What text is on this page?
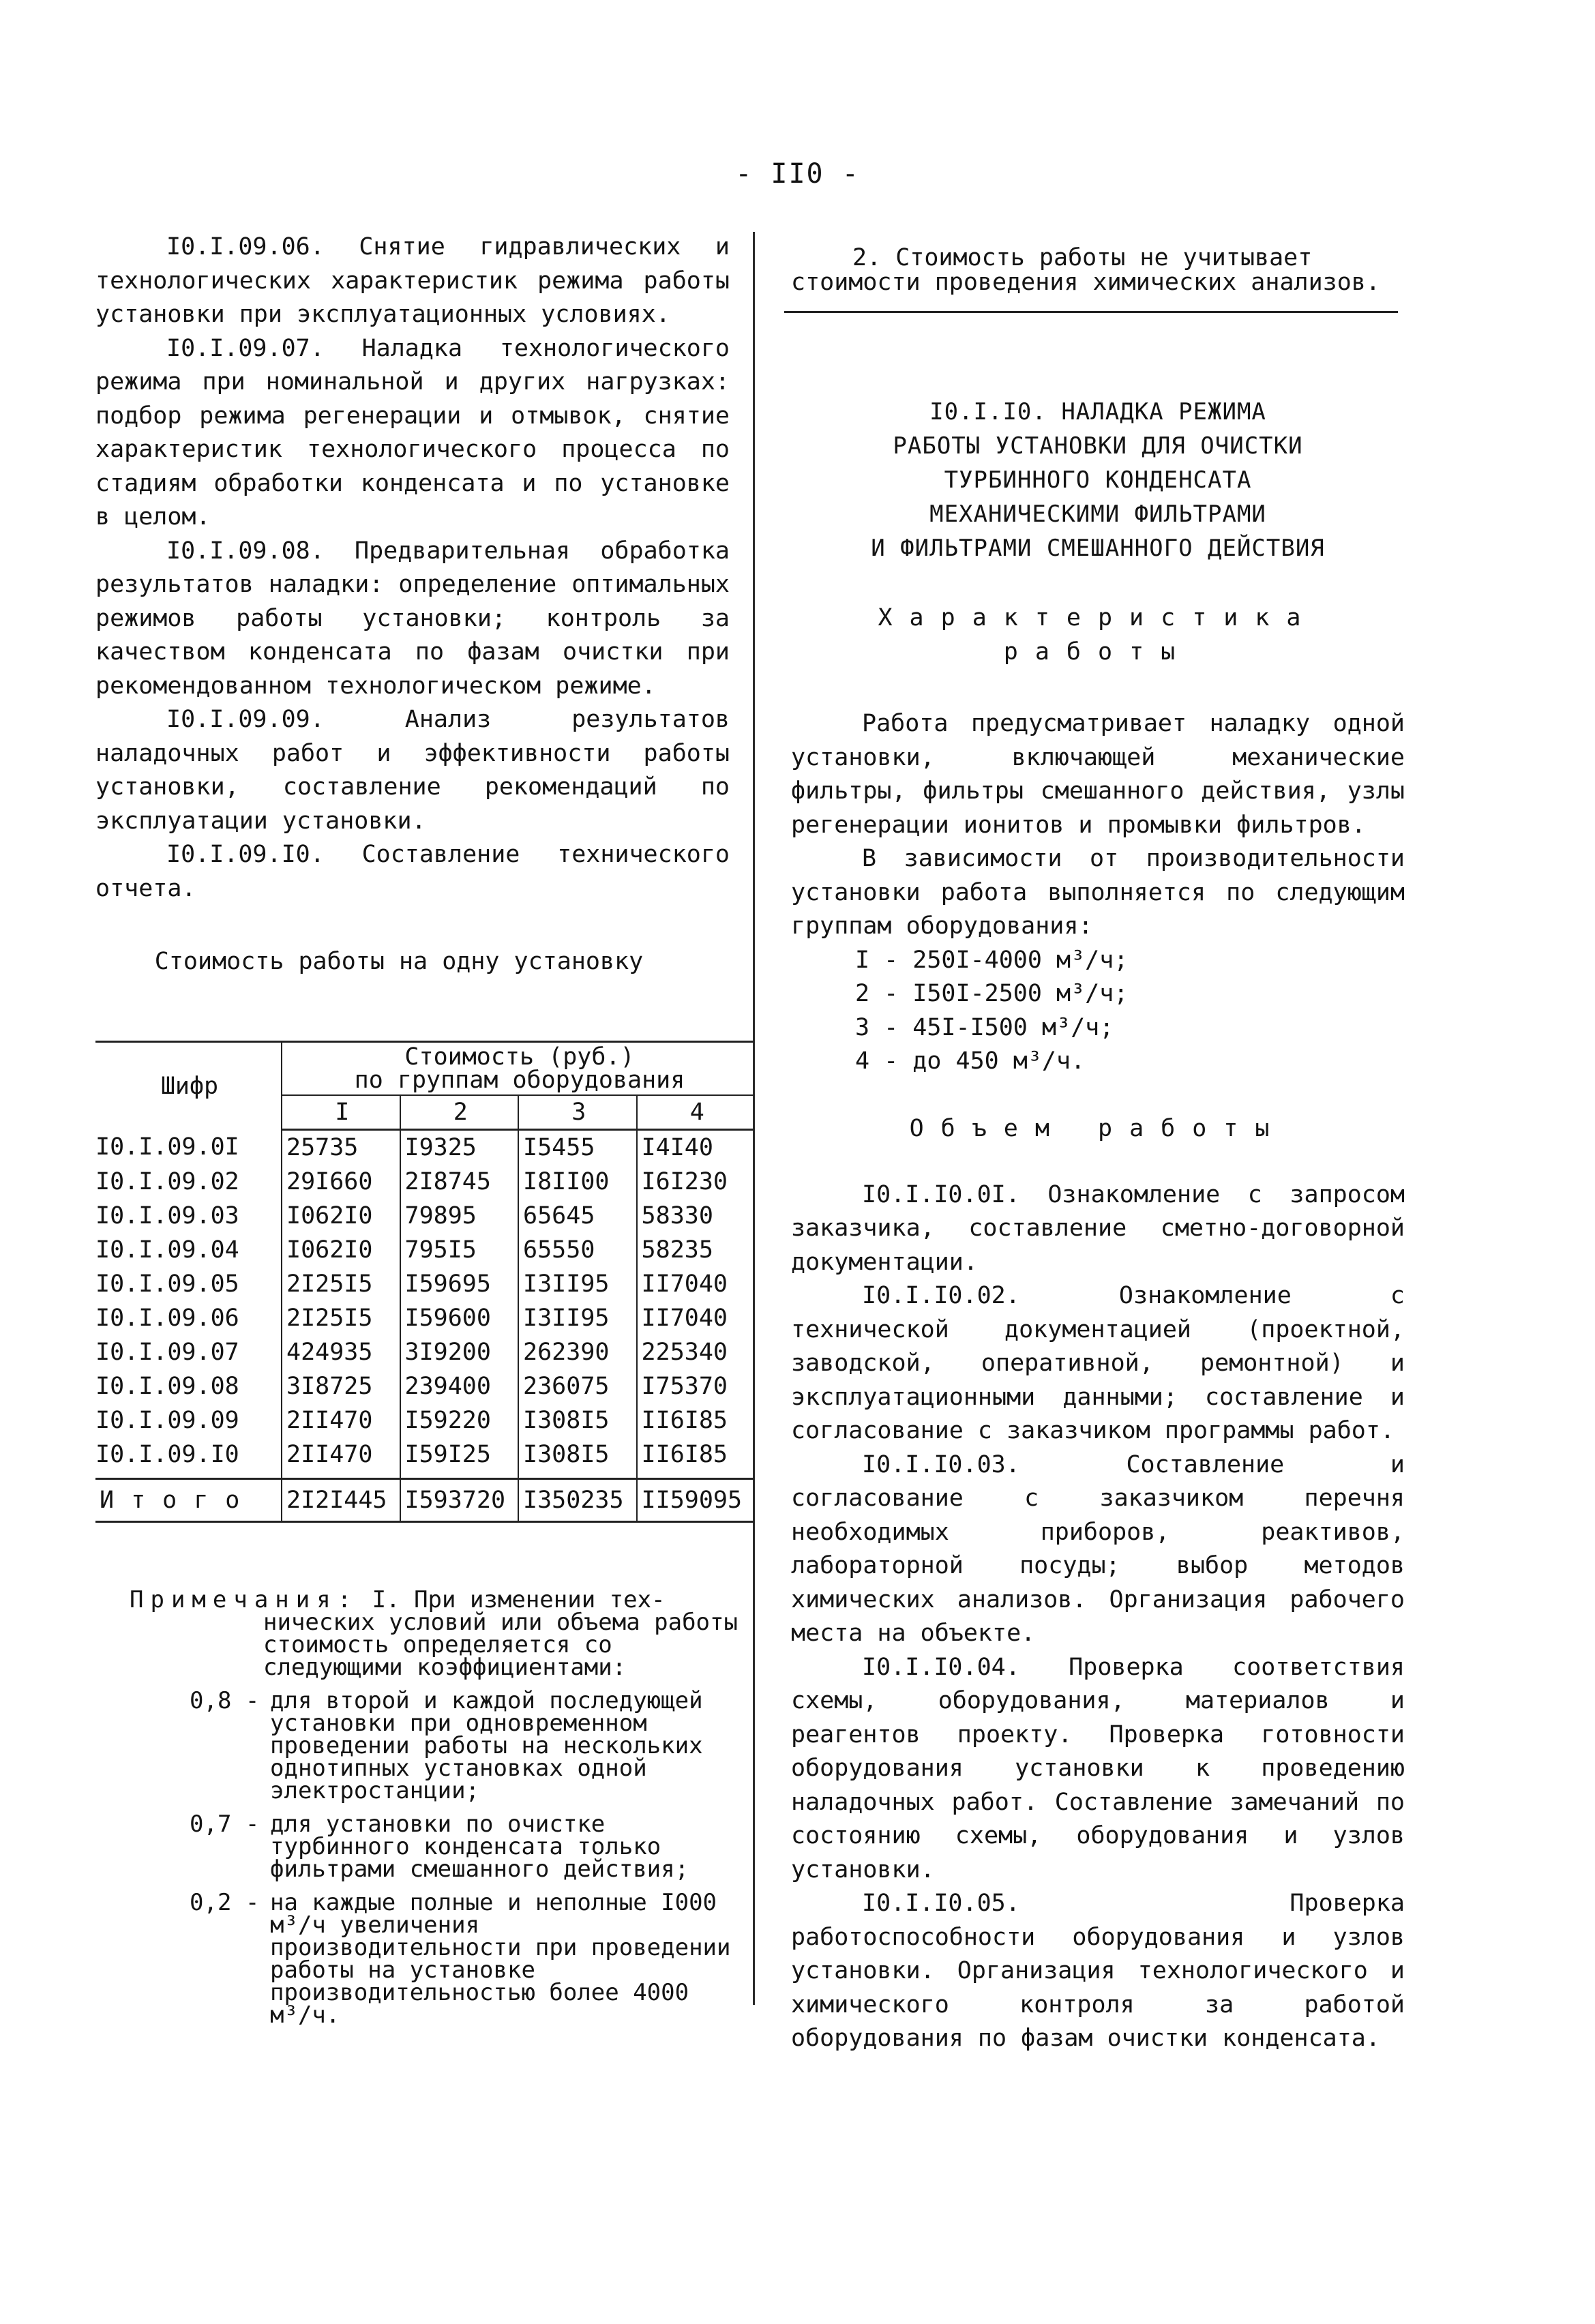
- II0 -

I0.I.09.06. Снятие гидравлических и технологических характеристик режима работы установки при эксплуатационных условиях.

I0.I.09.07. Наладка технологического режима при номинальной и других нагрузках: подбор режима регенерации и отмывок, снятие характеристик технологического процесса по стадиям обработки конденсата и по установке в целом.

I0.I.09.08. Предварительная обработка результатов наладки: определение оптимальных режимов работы установки; контроль за качеством конденсата по фазам очистки при рекомендованном технологическом режиме.

I0.I.09.09. Анализ результатов наладочных работ и эффективности работы установки, составление рекомендаций по эксплуатации установки.

I0.I.09.I0. Составление технического отчета.

Стоимость работы на одну установку

Шифр	Стоимость (руб.)
по группам оборудования			

	I	2	3	4
I0.I.09.0I	25735	I9325	I5455	I4I40
I0.I.09.02	29I660	2I8745	I8II00	I6I230
I0.I.09.03	I062I0	79895	65645	58330
I0.I.09.04	I062I0	795I5	65550	58235
I0.I.09.05	2I25I5	I59695	I3II95	II7040
I0.I.09.06	2I25I5	I59600	I3II95	II7040
I0.I.09.07	424935	3I9200	262390	225340
I0.I.09.08	3I8725	239400	236075	I75370
I0.I.09.09	2II470	I59220	I308I5	II6I85
I0.I.09.I0	2II470	I59I25	I308I5	II6I85
Итого	2I2I445	I593720	I350235	II59095

Примечания: I. При изменении тех-

нических условий или объема работы стоимость определяется со следующими коэффициентами:

0,8 - для второй и каждой последующей установки при одновременном проведении работы на нескольких однотипных установках одной электростанции;
0,7 - для установки по очистке турбинного конденсата только фильтрами смешанного действия;
0,2 - на каждые полные и неполные I000 м³/ч увеличения производительности при проведении работы на установке производительностью более 4000 м³/ч.

2. Стоимость работы не учитывает стоимости проведения химических анализов.

I0.I.I0. НАЛАДКА РЕЖИМА
РАБОТЫ УСТАНОВКИ ДЛЯ ОЧИСТКИ
ТУРБИННОГО КОНДЕНСАТА
МЕХАНИЧЕСКИМИ ФИЛЬТРАМИ
И ФИЛЬТРАМИ СМЕШАННОГО ДЕЙСТВИЯ
Характеристика
работы

Работа предусматривает наладку одной установки, включающей механические фильтры, фильтры смешанного действия, узлы регенерации ионитов и промывки фильтров.

В зависимости от производительности установки работа выполняется по следующим группам оборудования:

I - 250I-4000 м³/ч;
2 - I50I-2500 м³/ч;
3 - 45I-I500 м³/ч;
4 - до 450 м³/ч.
Объем работы

I0.I.I0.0I. Ознакомление с запросом заказчика, составление сметно-договорной документации.

I0.I.I0.02. Ознакомление с технической документацией (проектной, заводской, оперативной, ремонтной) и эксплуатационными данными; составление и согласование с заказчиком программы работ.

I0.I.I0.03. Составление и согласование с заказчиком перечня необходимых приборов, реактивов, лабораторной посуды; выбор методов химических анализов. Организация рабочего места на объекте.

I0.I.I0.04. Проверка соответствия схемы, оборудования, материалов и реагентов проекту. Проверка готовности оборудования установки к проведению наладочных работ. Составление замечаний по состоянию схемы, оборудования и узлов установки.

I0.I.I0.05. Проверка работоспособности оборудования и узлов установки. Организация технологического и химического контроля за работой оборудования по фазам очистки конденсата.
